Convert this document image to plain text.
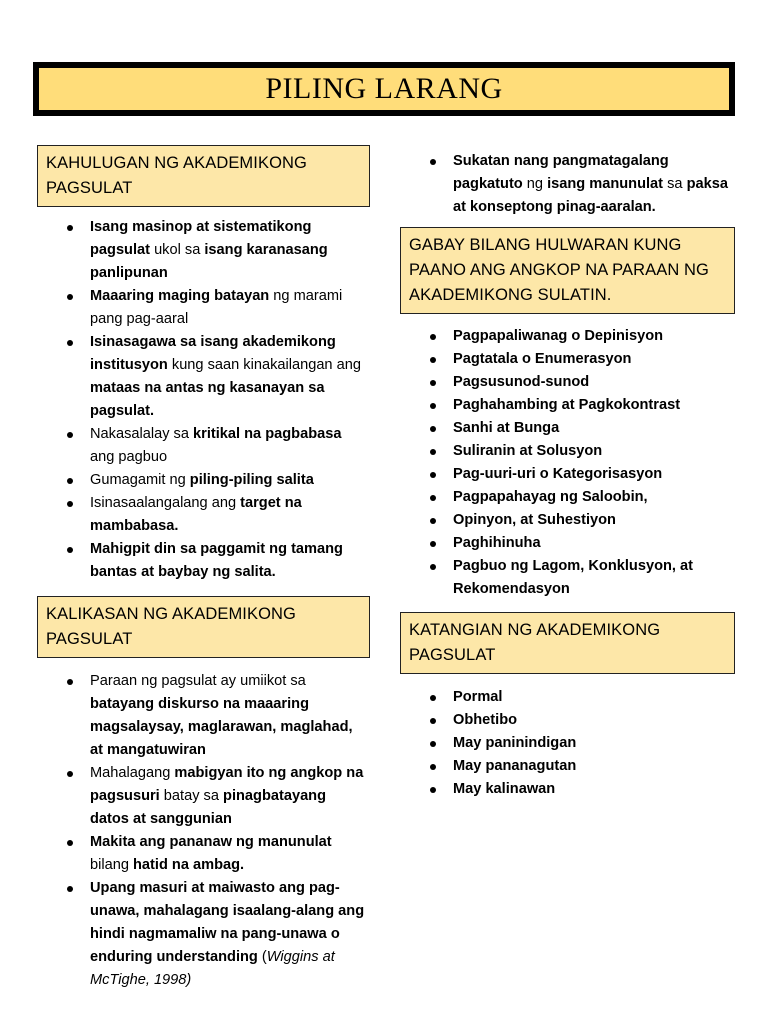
PILING LARANG
KAHULUGAN NG AKADEMIKONG PAGSULAT
Isang masinop at sistematikong pagsulat ukol sa isang karanasang panlipunan
Maaaring maging batayan ng marami pang pag-aaral
Isinasagawa sa isang akademikong institusyon kung saan kinakailangan ang mataas na antas ng kasanayan sa pagsulat.
Nakasalalay sa kritikal na pagbabasa ang pagbuo
Gumagamit ng piling-piling salita
Isinasaalangalang ang target na mambabasa.
Mahigpit din sa paggamit ng tamang bantas at baybay ng salita.
KALIKASAN NG AKADEMIKONG PAGSULAT
Paraan ng pagsulat ay umiikot sa batayang diskurso na maaaring magsalaysay, maglarawan, maglahad, at mangatuwiran
Mahalagang mabigyan ito ng angkop na pagsusuri batay sa pinagbatayang datos at sanggunian
Makita ang pananaw ng manunulat bilang hatid na ambag.
Upang masuri at maiwasto ang pag-unawa, mahalagang isaalang-alang ang hindi nagmamaliw na pang-unawa o enduring understanding (Wiggins at McTighe, 1998)
Sukatan nang pangmatagalang pagkatuto ng isang manunulat sa paksa at konseptong pinag-aaralan.
GABAY BILANG HULWARAN KUNG PAANO ANG ANGKOP NA PARAAN NG AKADEMIKONG SULATIN.
Pagpapaliwanag o Depinisyon
Pagtatala o Enumerasyon
Pagsusunod-sunod
Paghahambing at Pagkokontrast
Sanhi at Bunga
Suliranin at Solusyon
Pag-uuri-uri o Kategorisasyon
Pagpapahayag ng Saloobin,
Opinyon, at Suhestiyon
Paghihinuha
Pagbuo ng Lagom, Konklusyon, at Rekomendasyon
KATANGIAN NG AKADEMIKONG PAGSULAT
Pormal
Obhetibo
May paninindigan
May pananagutan
May kalinawan
